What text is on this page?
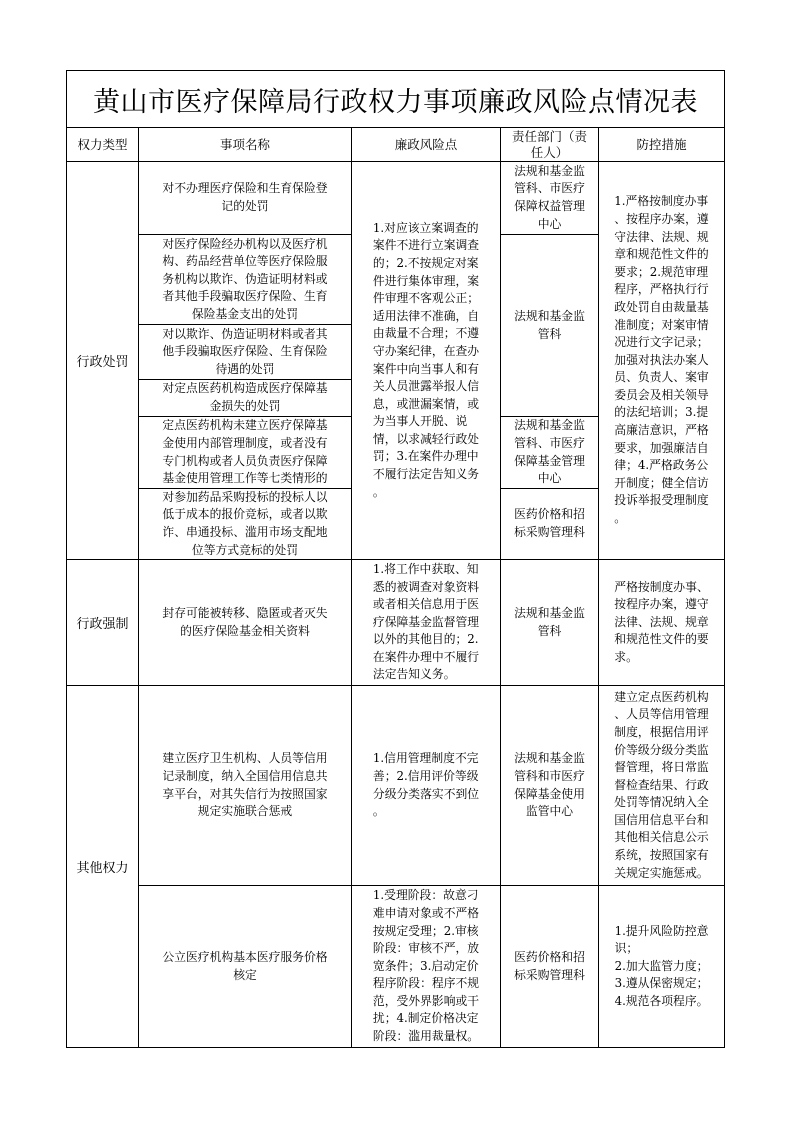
黄山市医疗保障局行政权力事项廉政风险点情况表
权力类型	事项名称	廉政风险点
责任部门（责
任人）
防控措施
行政处罚
对不办理医疗保险和生育保险登
记的处罚
对医疗保险经办机构以及医疗机
构、药品经营单位等医疗保险服
务机构以欺诈、伪造证明材料或
者其他手段骗取医疗保险、生育
保险基金支出的处罚
对以欺诈、伪造证明材料或者其
他手段骗取医疗保险、生育保险
待遇的处罚
对定点医药机构造成医疗保障基
金损失的处罚
定点医药机构未建立医疗保障基
金使用内部管理制度，或者没有
专门机构或者人员负责医疗保障
基金使用管理工作等七类情形的
对参加药品采购投标的投标人以
低于成本的报价竞标，或者以欺
诈、串通投标、滥用市场支配地
位等方式竞标的处罚
1.对应该立案调查的
案件不进行立案调查
的；2.不按规定对案
件进行集体审理，案
件审理不客观公正；
适用法律不准确，自
由裁量不合理；不遵
守办案纪律，在查办
案件中向当事人和有
关人员泄露举报人信
息，或泄漏案情，或
为当事人开脱、说
情，以求减轻行政处
罚；3.在案件办理中
不履行法定告知义务
。
法规和基金监
管科、市医疗
保障权益管理
中心
法规和基金监
管科
法规和基金监
管科、市医疗
保障基金管理
中心
医药价格和招
标采购管理科
1.严格按制度办事
、按程序办案，遵
守法律、法规、规
章和规范性文件的
要求；2.规范审理
程序，严格执行行
政处罚自由裁量基
准制度；对案审情
况进行文字记录；
加强对执法办案人
员、负责人、案审
委员会及相关领导
的法纪培训；3.提
高廉洁意识，严格
要求，加强廉洁自
律；4.严格政务公
开制度；健全信访
投诉举报受理制度
。
行政强制
封存可能被转移、隐匿或者灭失
的医疗保险基金相关资料
1.将工作中获取、知
悉的被调查对象资料
或者相关信息用于医
疗保障基金监督管理
以外的其他目的；2.
在案件办理中不履行
法定告知义务。
法规和基金监
管科
严格按制度办事、
按程序办案，遵守
法律、法规、规章
和规范性文件的要
求。
其他权力
建立医疗卫生机构、人员等信用
记录制度，纳入全国信用信息共
享平台，对其失信行为按照国家
规定实施联合惩戒
1.信用管理制度不完
善；2.信用评价等级
分级分类落实不到位
。
法规和基金监
管科和市医疗
保障基金使用
监管中心
建立定点医药机构
、人员等信用管理
制度，根据信用评
价等级分级分类监
督管理，将日常监
督检查结果、行政
处罚等情况纳入全
国信用信息平台和
其他相关信息公示
系统，按照国家有
关规定实施惩戒。
公立医疗机构基本医疗服务价格
核定
1.受理阶段：故意刁
难申请对象或不严格
按规定受理；2.审核
阶段：审核不严，放
宽条件；3.启动定价
程序阶段：程序不规
范，受外界影响或干
扰；4.制定价格决定
阶段：滥用裁量权。
医药价格和招
标采购管理科
1.提升风险防控意
识；
2.加大监管力度；
3.遵从保密规定；
4.规范各项程序。
